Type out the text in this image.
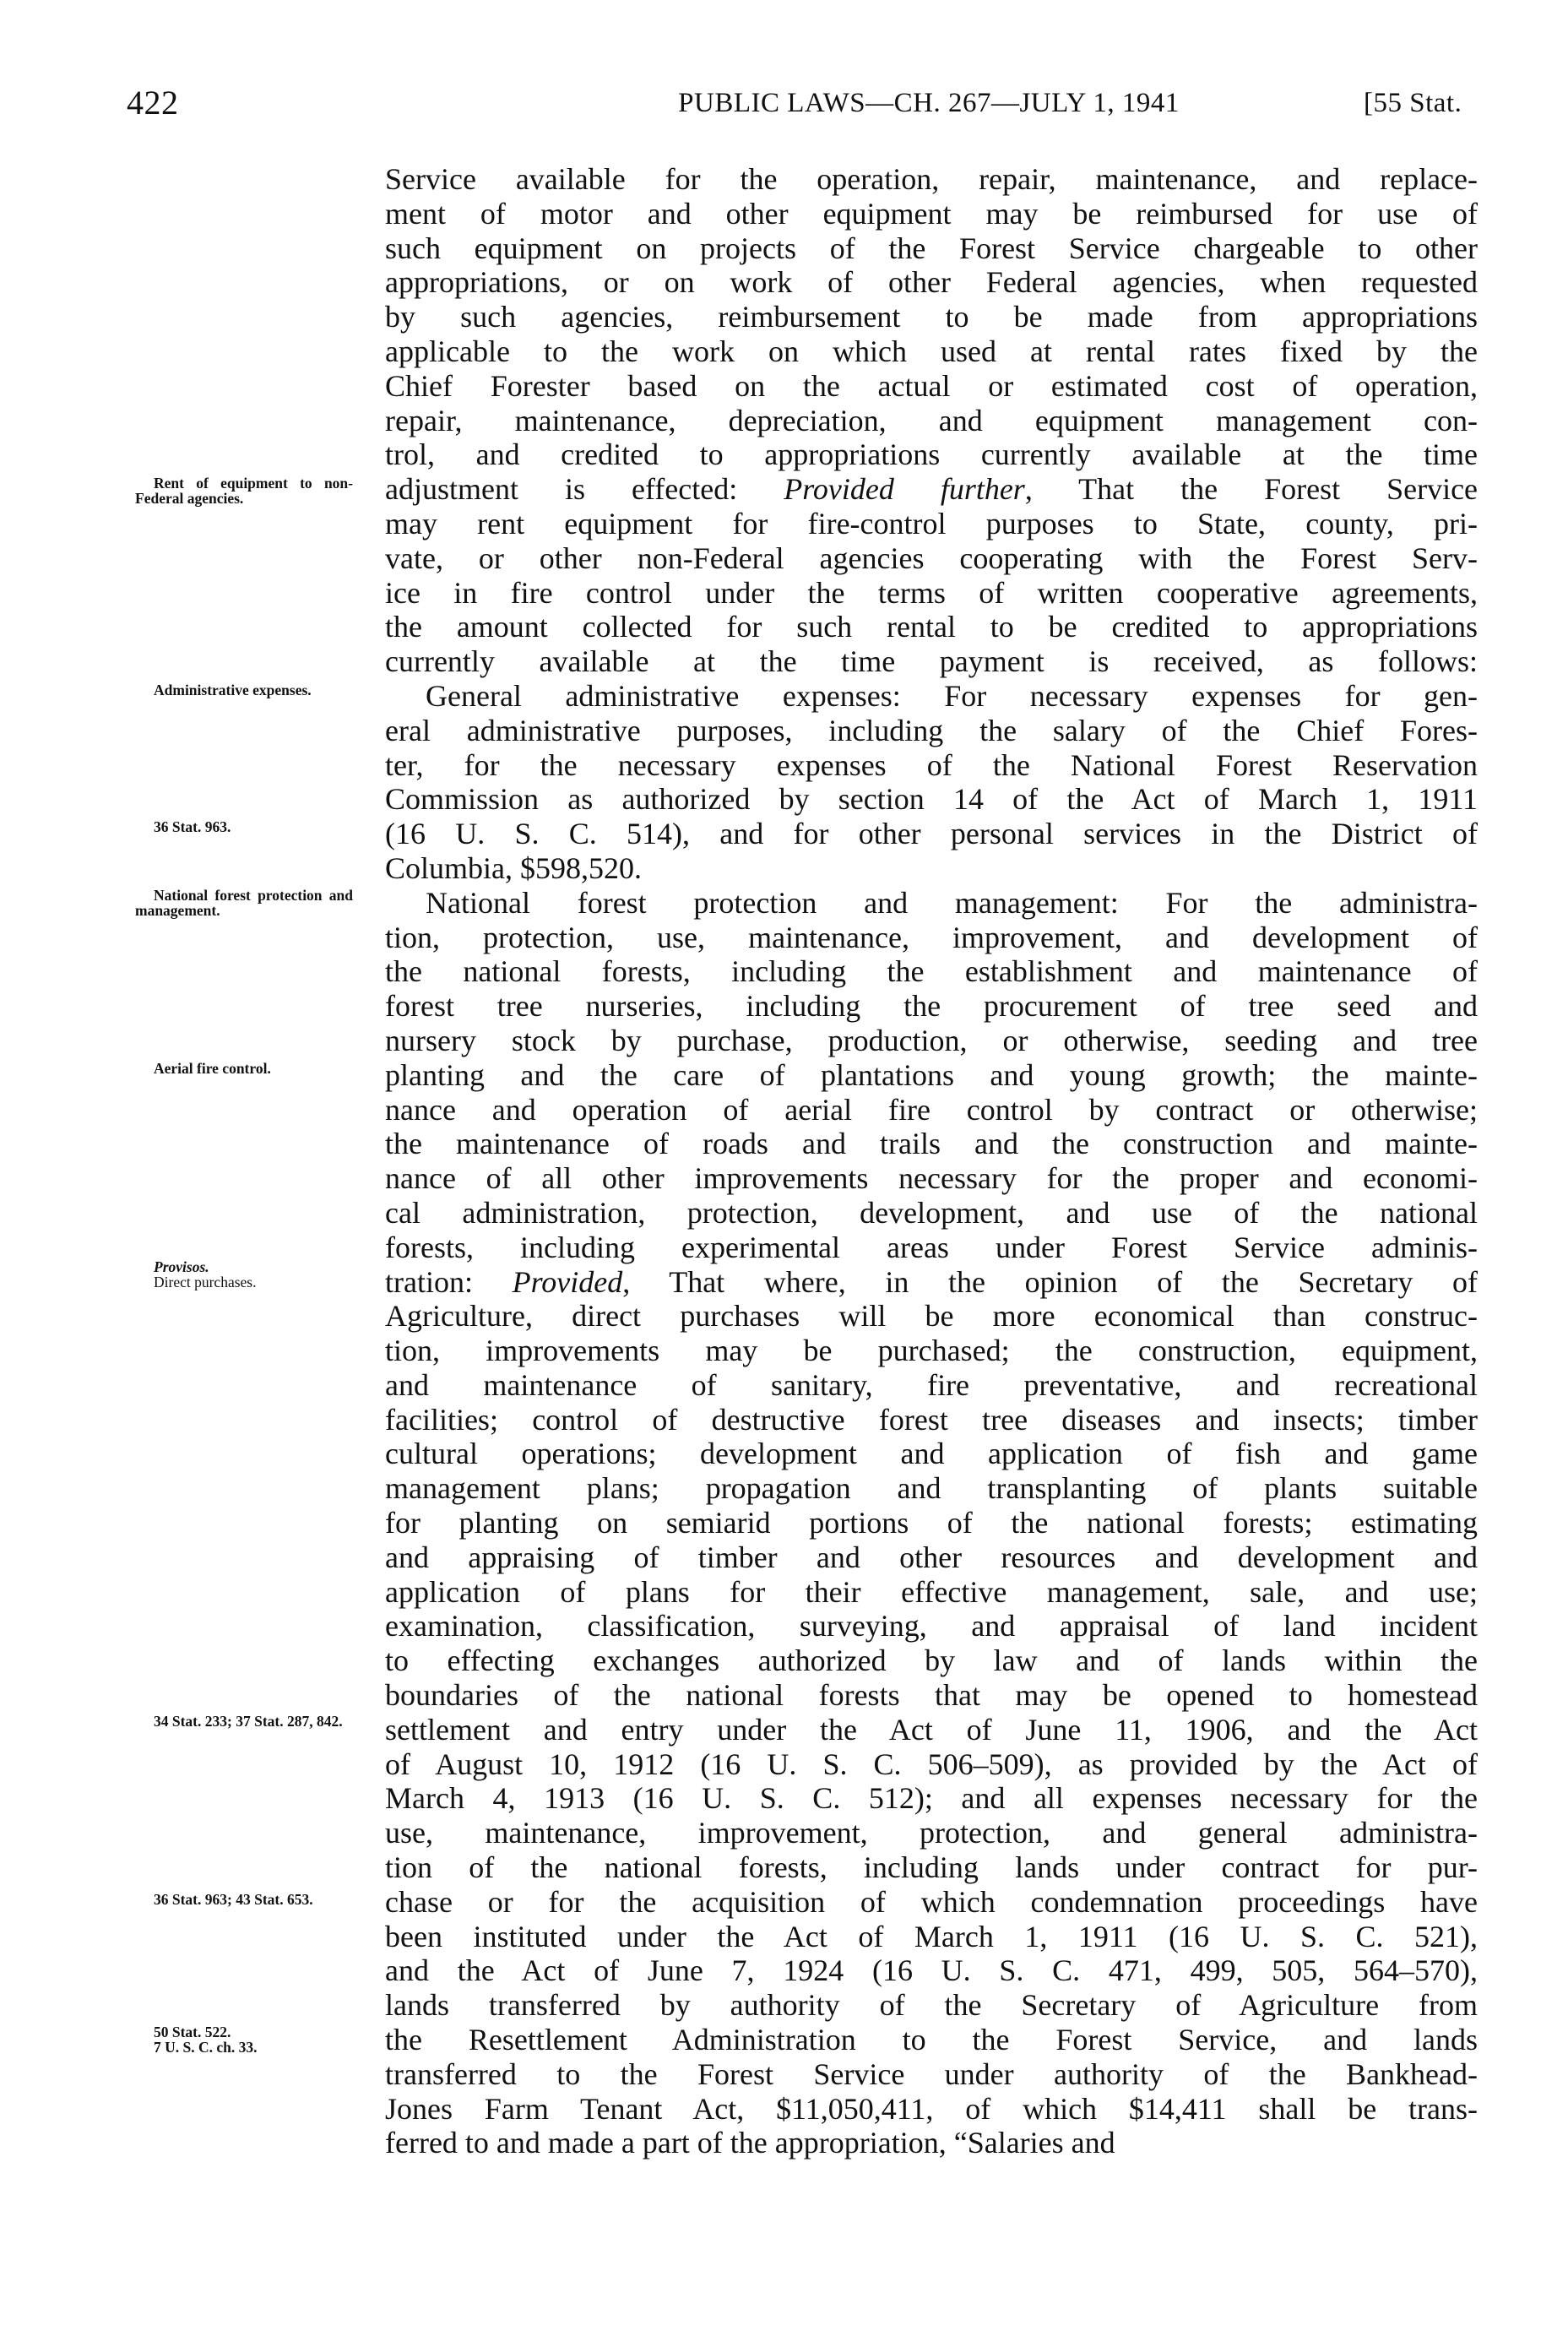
422	PUBLIC LAWS—CH. 267—JULY 1, 1941	[55 Stat.
Rent of equipment to non-Federal agencies.
Administrative expenses.
36 Stat. 963.
National forest protection and management.
Aerial fire control.
Provisos.
Direct purchases.
34 Stat. 233; 37 Stat. 287, 842.
36 Stat. 963; 43 Stat. 653.
50 Stat. 522.
7 U. S. C. ch. 33.
Service available for the operation, repair, maintenance, and replace-
ment of motor and other equipment may be reimbursed for use of
such equipment on projects of the Forest Service chargeable to other
appropriations, or on work of other Federal agencies, when requested
by such agencies, reimbursement to be made from appropriations
applicable to the work on which used at rental rates fixed by the
Chief Forester based on the actual or estimated cost of operation,
repair, maintenance, depreciation, and equipment management con-
trol, and credited to appropriations currently available at the time
adjustment is effected: Provided further, That the Forest Service
may rent equipment for fire-control purposes to State, county, pri-
vate, or other non-Federal agencies cooperating with the Forest Serv-
ice in fire control under the terms of written cooperative agreements,
the amount collected for such rental to be credited to appropriations
currently available at the time payment is received, as follows:
General administrative expenses: For necessary expenses for gen-
eral administrative purposes, including the salary of the Chief Fores-
ter, for the necessary expenses of the National Forest Reservation
Commission as authorized by section 14 of the Act of March 1, 1911
(16 U. S. C. 514), and for other personal services in the District of
Columbia, $598,520.
National forest protection and management: For the administra-
tion, protection, use, maintenance, improvement, and development of
the national forests, including the establishment and maintenance of
forest tree nurseries, including the procurement of tree seed and
nursery stock by purchase, production, or otherwise, seeding and tree
planting and the care of plantations and young growth; the mainte-
nance and operation of aerial fire control by contract or otherwise;
the maintenance of roads and trails and the construction and mainte-
nance of all other improvements necessary for the proper and economi-
cal administration, protection, development, and use of the national
forests, including experimental areas under Forest Service adminis-
tration: Provided, That where, in the opinion of the Secretary of
Agriculture, direct purchases will be more economical than construc-
tion, improvements may be purchased; the construction, equipment,
and maintenance of sanitary, fire preventative, and recreational
facilities; control of destructive forest tree diseases and insects; timber
cultural operations; development and application of fish and game
management plans; propagation and transplanting of plants suitable
for planting on semiarid portions of the national forests; estimating
and appraising of timber and other resources and development and
application of plans for their effective management, sale, and use;
examination, classification, surveying, and appraisal of land incident
to effecting exchanges authorized by law and of lands within the
boundaries of the national forests that may be opened to homestead
settlement and entry under the Act of June 11, 1906, and the Act
of August 10, 1912 (16 U. S. C. 506–509), as provided by the Act of
March 4, 1913 (16 U. S. C. 512); and all expenses necessary for the
use, maintenance, improvement, protection, and general administra-
tion of the national forests, including lands under contract for pur-
chase or for the acquisition of which condemnation proceedings have
been instituted under the Act of March 1, 1911 (16 U. S. C. 521),
and the Act of June 7, 1924 (16 U. S. C. 471, 499, 505, 564–570),
lands transferred by authority of the Secretary of Agriculture from
the Resettlement Administration to the Forest Service, and lands
transferred to the Forest Service under authority of the Bankhead-
Jones Farm Tenant Act, $11,050,411, of which $14,411 shall be trans-
ferred to and made a part of the appropriation, “Salaries and
